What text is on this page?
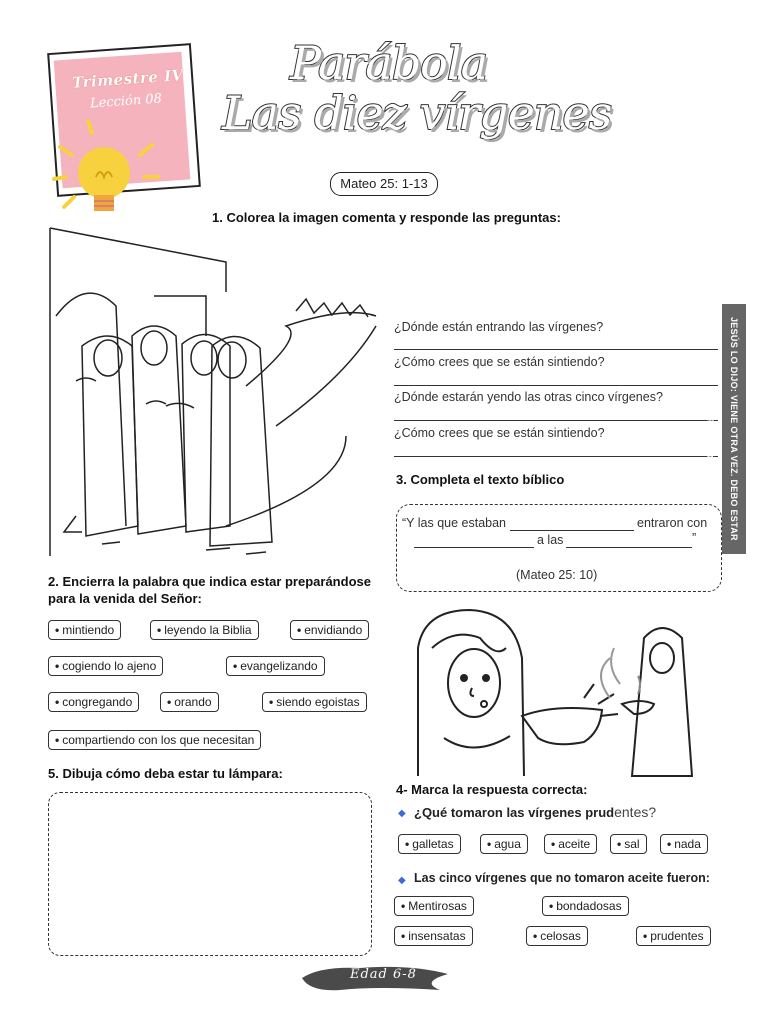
Trimestre IV
Lección 08
Parábola
Las diez vírgenes
Mateo 25: 1-13
1. Colorea la imagen comenta y responde las preguntas:
¿Dónde están entrando las vírgenes?
¿Cómo crees que se están sintiendo?
¿Dónde estarán yendo las otras cinco vírgenes?
¿Cómo crees que se están sintiendo?	JESÚS LO DIJO: VIENE OTRA VEZ. DEBO ESTAR PREPARADO
3. Completa el texto bíblico
“Y las que estaban	entraron con
a las	”
(Mateo 25: 10)
2. Encierra la palabra que indica estar preparándose
para la venida del Señor:
• mintiendo	• leyendo la Biblia	• envidiando
• cogiendo lo ajeno	• evangelizando
• congregando	• orando	• siendo egoistas
• compartiendo con los que necesitan
5. Dibuja cómo deba estar tu lámpara:
4- Marca la respuesta correcta:
◆ ¿Qué tomaron las vírgenes prudentes?
• galletas	• agua	• aceite	• sal	• nada
◆ Las cinco vírgenes que no tomaron aceite fueron:
• Mentirosas	• bondadosas
• insensatas	• celosas	• prudentes
Edad 6-8
